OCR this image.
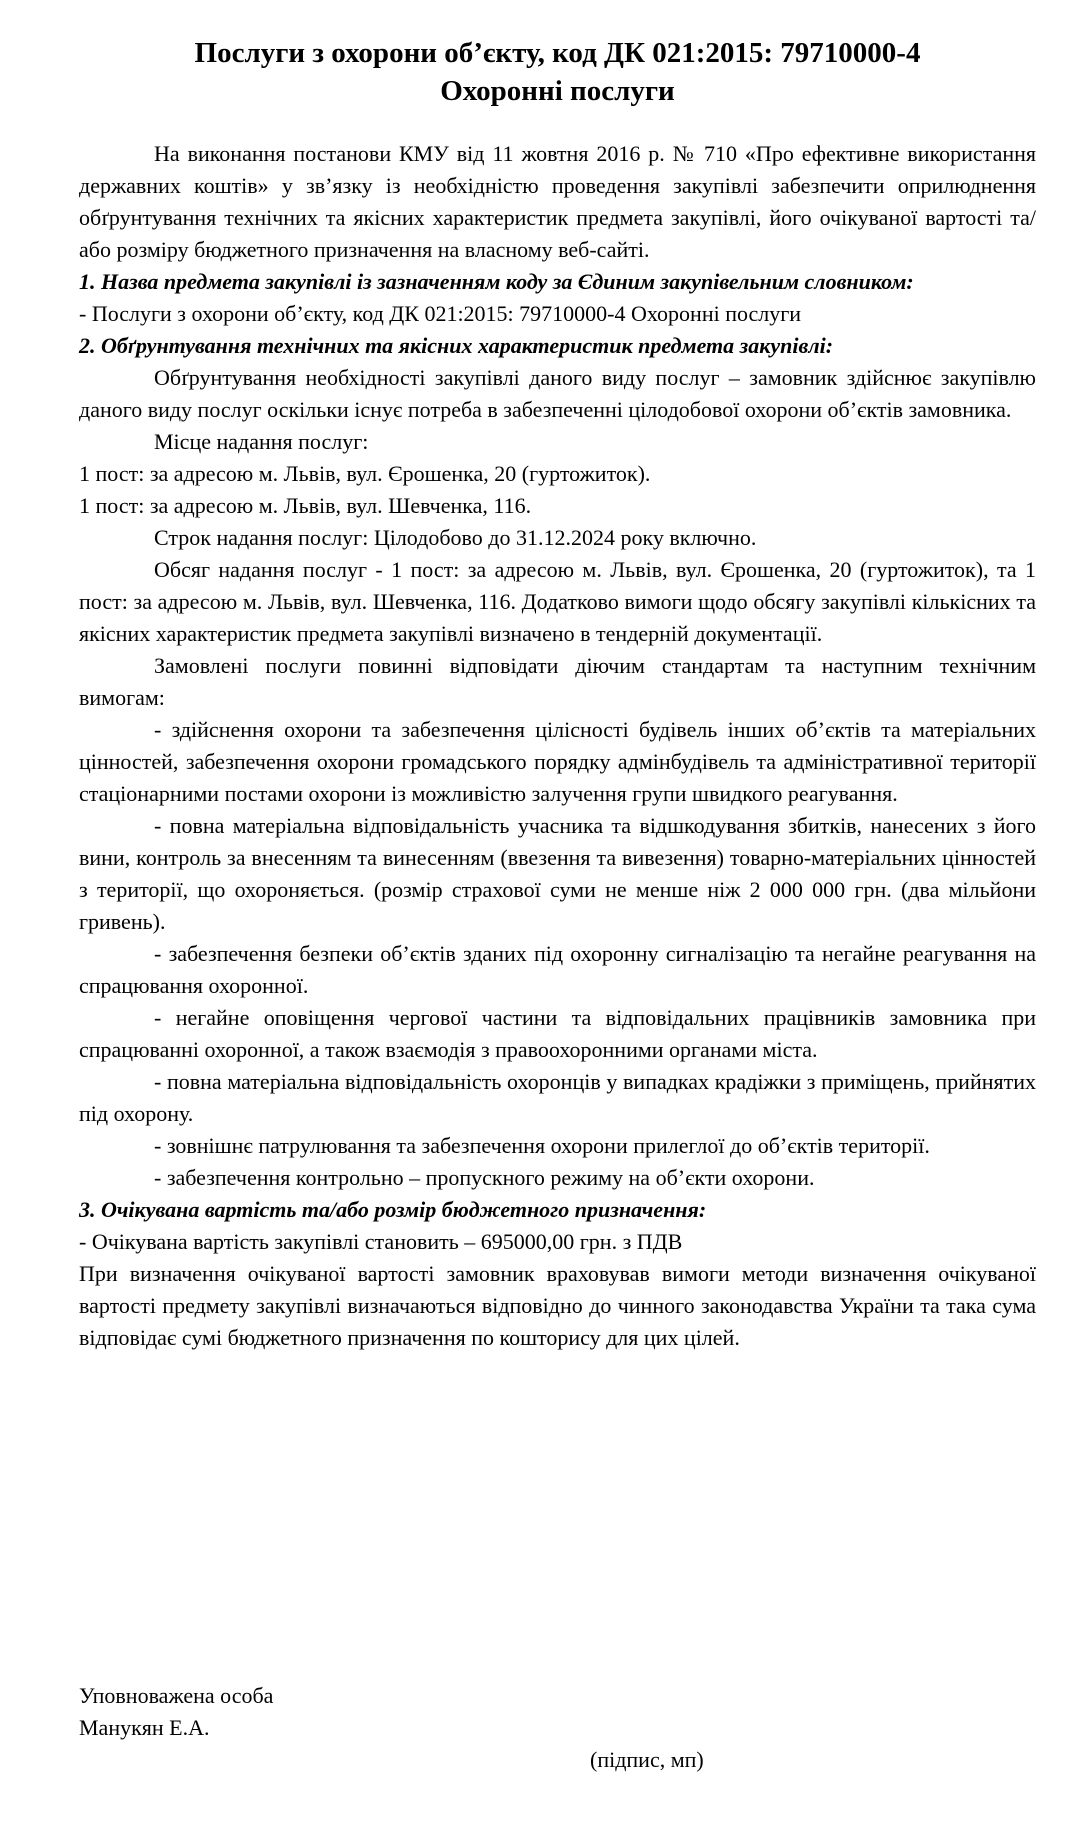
Послуги з охорони об’єкту, код ДК 021:2015: 79710000-4
Охоронні послуги

На виконання постанови КМУ від 11 жовтня 2016 р. № 710 «Про ефективне використання державних коштів» у зв’язку із необхідністю проведення закупівлі забезпечити оприлюднення обґрунтування технічних та якісних характеристик предмета закупівлі, його очікуваної вартості та/або розміру бюджетного призначення на власному веб-сайті.

1. Назва предмета закупівлі із зазначенням коду за Єдиним закупівельним словником:

- Послуги з охорони об’єкту, код ДК 021:2015: 79710000-4 Охоронні послуги

2. Обґрунтування технічних та якісних характеристик предмета закупівлі:

Обґрунтування необхідності закупівлі даного виду послуг – замовник здійснює закупівлю даного виду послуг оскільки існує потреба в забезпеченні цілодобової охорони об’єктів замовника.

Місце надання послуг:

1 пост: за адресою м. Львів, вул. Єрошенка, 20 (гуртожиток).

1 пост: за адресою м. Львів, вул. Шевченка, 116.

Строк надання послуг: Цілодобово до 31.12.2024 року включно.

Обсяг надання послуг - 1 пост: за адресою м. Львів, вул. Єрошенка, 20 (гуртожиток), та 1 пост: за адресою м. Львів, вул. Шевченка, 116. Додатково вимоги щодо обсягу закупівлі кількісних та якісних характеристик предмета закупівлі визначено в тендерній документації.

Замовлені послуги повинні відповідати діючим стандартам та наступним технічним вимогам:

- здійснення охорони та забезпечення цілісності будівель інших об’єктів та матеріальних цінностей, забезпечення охорони громадського порядку адмінбудівель та адміністративної території стаціонарними постами охорони із можливістю залучення групи швидкого реагування.

- повна матеріальна відповідальність учасника та відшкодування збитків, нанесених з його вини, контроль за внесенням та винесенням (ввезення та вивезення) товарно-матеріальних цінностей з території, що охороняється. (розмір страхової суми не менше ніж 2 000 000 грн. (два мільйони гривень).

- забезпечення безпеки об’єктів зданих під охоронну сигналізацію та негайне реагування на спрацювання охоронної.

- негайне оповіщення чергової частини та відповідальних працівників замовника при спрацюванні охоронної, а також взаємодія з правоохоронними органами міста.

- повна матеріальна відповідальність охоронців у випадках крадіжки з приміщень, прийнятих під охорону.

- зовнішнє патрулювання та забезпечення охорони прилеглої до об’єктів території.

- забезпечення контрольно – пропускного режиму на об’єкти охорони.

3. Очікувана вартість та/або розмір бюджетного призначення:

- Очікувана вартість закупівлі становить – 695000,00 грн. з ПДВ

При визначення очікуваної вартості замовник враховував вимоги методи визначення очікуваної вартості предмету закупівлі визначаються відповідно до чинного законодавства України та така сума відповідає сумі бюджетного призначення по кошторису для цих цілей.

Уповноважена особа
Манукян Е.А.
(підпис, мп)
